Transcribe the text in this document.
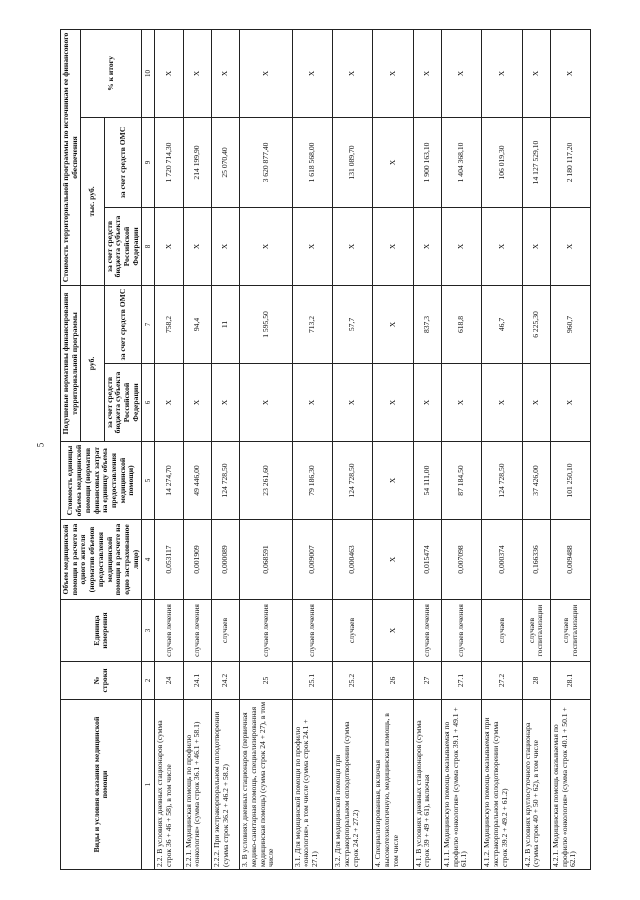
5
Виды и условия оказания медицинской помощи	№ строки	Единица измерения	Объем медицинской помощи в расчете на одного жителя (норматив объемов предоставления медицинской помощи в расчете на одно застрахованное лицо)	Стоимость единицы объема медицинской помощи (норматив финансовых затрат на единицу объема предоставления медицинской помощи)	Подушевые нормативы финансирования территориальной программы		Стоимость территориальной программы по источникам ее финансового обеспечения		
					руб.		тыс. руб.		% к итогу
					за счет средств бюджета субъекта Российской Федерации	за счет средств ОМС	за счет средств бюджета субъекта Российской Федерации	за счет средств ОМС	
1	2	3	4	5	6	7	8	9	10
2.2. В условиях дневных стационаров (сумма строк 36 + 46 + 58), в том числе	24	случаев лечения	0,053117	14 274,70	X	758,2	X	1 720 714,30	X
2.2.1. Медицинская помощь по профилю «онкология» (сумма строк 36.1 + 46.1 + 58.1)	24.1	случаев лечения	0,001909	49 446,00	X	94,4	X	214 199,90	X
2.2.2. При экстракорпоральном оплодотворении (сумма строк 36.2 + 46.2 + 58.2)	24.2	случаев	0,000089	124 728,50	X	11	X	25 070,40	X
3. В условиях дневных стационаров (первичная медико-санитарная помощь, специализированная медицинская помощь) (сумма строк 24 + 27), в том числе	25	случаев лечения	0,068591	23 261,60	X	1 595,50	X	3 620 877,40	X
3.1. Для медицинской помощи по профилю «онкология», в том числе (сумма строк 24.1 + 27.1)	25.1	случаев лечения	0,009007	79 186,30	X	713,2	X	1 618 568,00	X
3.2. Для медицинской помощи при экстракорпоральном оплодотворении (сумма строк 24.2 + 27.2)	25.2	случаев	0,000463	124 728,50	X	57,7	X	131 089,70	X
4. Специализированная, включая высокотехнологичную, медицинская помощь, в том числе	26	X	X	X	X	X	X	X	X
4.1. В условиях дневных стационаров (сумма строк 39 + 49 + 61), включая	27	случаев лечения	0,015474	54 111,00	X	837,3	X	1 900 163,10	X
4.1.1. Медицинскую помощь оказываемая по профилю «онкология» (сумма строк 39.1 + 49.1 + 61.1)	27.1	случаев лечения	0,007098	87 184,50	X	618,8	X	1 404 368,10	X
4.1.2. Медицинскую помощь оказываемая при экстракорпоральном оплодотворении (сумма строк 39.2 + 49.2 + 61.2)	27.2	случаев	0,000374	124 728,50	X	46,7	X	106 019,30	X
4.2. В условиях круглосуточного стационара (сумма строк 40 + 50 + 62), в том числе	28	случаев госпитализации	0,166336	37 426,00	X	6 225,30	X	14 127 529,10	X
4.2.1. Медицинская помощь оказываемая по профилю «онкология» (сумма строк 40.1 + 50.1 + 62.1)	28.1	случаев госпитализации	0,009488	101 250,10	X	960,7	X	2 180 117,20	X
